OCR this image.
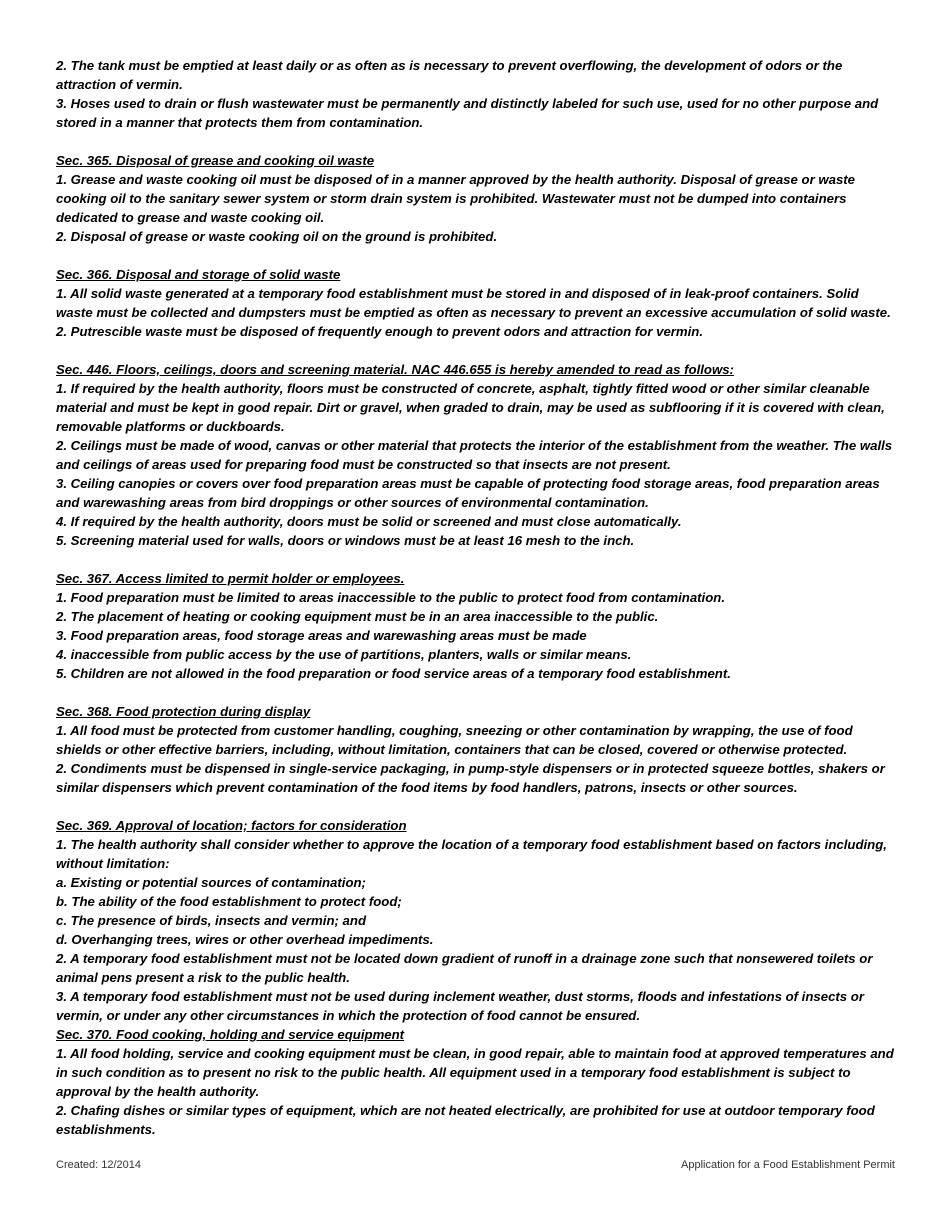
2. The tank must be emptied at least daily or as often as is necessary to prevent overflowing, the development of odors or the attraction of vermin.
3. Hoses used to drain or flush wastewater must be permanently and distinctly labeled for such use, used for no other purpose and stored in a manner that protects them from contamination.
Sec. 365. Disposal of grease and cooking oil waste
1. Grease and waste cooking oil must be disposed of in a manner approved by the health authority. Disposal of grease or waste cooking oil to the sanitary sewer system or storm drain system is prohibited. Wastewater must not be dumped into containers dedicated to grease and waste cooking oil.
2. Disposal of grease or waste cooking oil on the ground is prohibited.
Sec. 366. Disposal and storage of solid waste
1. All solid waste generated at a temporary food establishment must be stored in and disposed of in leak-proof containers. Solid waste must be collected and dumpsters must be emptied as often as necessary to prevent an excessive accumulation of solid waste.
2. Putrescible waste must be disposed of frequently enough to prevent odors and attraction for vermin.
Sec. 446. Floors, ceilings, doors and screening material. NAC 446.655 is hereby amended to read as follows:
1. If required by the health authority, floors must be constructed of concrete, asphalt, tightly fitted wood or other similar cleanable material and must be kept in good repair. Dirt or gravel, when graded to drain, may be used as subflooring if it is covered with clean, removable platforms or duckboards.
2. Ceilings must be made of wood, canvas or other material that protects the interior of the establishment from the weather. The walls and ceilings of areas used for preparing food must be constructed so that insects are not present.
3. Ceiling canopies or covers over food preparation areas must be capable of protecting food storage areas, food preparation areas and warewashing areas from bird droppings or other sources of environmental contamination.
4. If required by the health authority, doors must be solid or screened and must close automatically.
5. Screening material used for walls, doors or windows must be at least 16 mesh to the inch.
Sec. 367. Access limited to permit holder or employees.
1. Food preparation must be limited to areas inaccessible to the public to protect food from contamination.
2. The placement of heating or cooking equipment must be in an area inaccessible to the public.
3. Food preparation areas, food storage areas and warewashing areas must be made
4. inaccessible from public access by the use of partitions, planters, walls or similar means.
5. Children are not allowed in the food preparation or food service areas of a temporary food establishment.
Sec. 368. Food protection during display
1. All food must be protected from customer handling, coughing, sneezing or other contamination by wrapping, the use of food shields or other effective barriers, including, without limitation, containers that can be closed, covered or otherwise protected.
2. Condiments must be dispensed in single-service packaging, in pump-style dispensers or in protected squeeze bottles, shakers or similar dispensers which prevent contamination of the food items by food handlers, patrons, insects or other sources.
Sec. 369. Approval of location; factors for consideration
1. The health authority shall consider whether to approve the location of a temporary food establishment based on factors including, without limitation:
a. Existing or potential sources of contamination;
b. The ability of the food establishment to protect food;
c. The presence of birds, insects and vermin; and
d. Overhanging trees, wires or other overhead impediments.
2. A temporary food establishment must not be located down gradient of runoff in a drainage zone such that nonsewered toilets or animal pens present a risk to the public health.
3. A temporary food establishment must not be used during inclement weather, dust storms, floods and infestations of insects or vermin, or under any other circumstances in which the protection of food cannot be ensured.
Sec. 370. Food cooking, holding and service equipment
1. All food holding, service and cooking equipment must be clean, in good repair, able to maintain food at approved temperatures and in such condition as to present no risk to the public health. All equipment used in a temporary food establishment is subject to approval by the health authority.
2. Chafing dishes or similar types of equipment, which are not heated electrically, are prohibited for use at outdoor temporary food establishments.
Created: 12/2014	Application for a Food Establishment Permit
